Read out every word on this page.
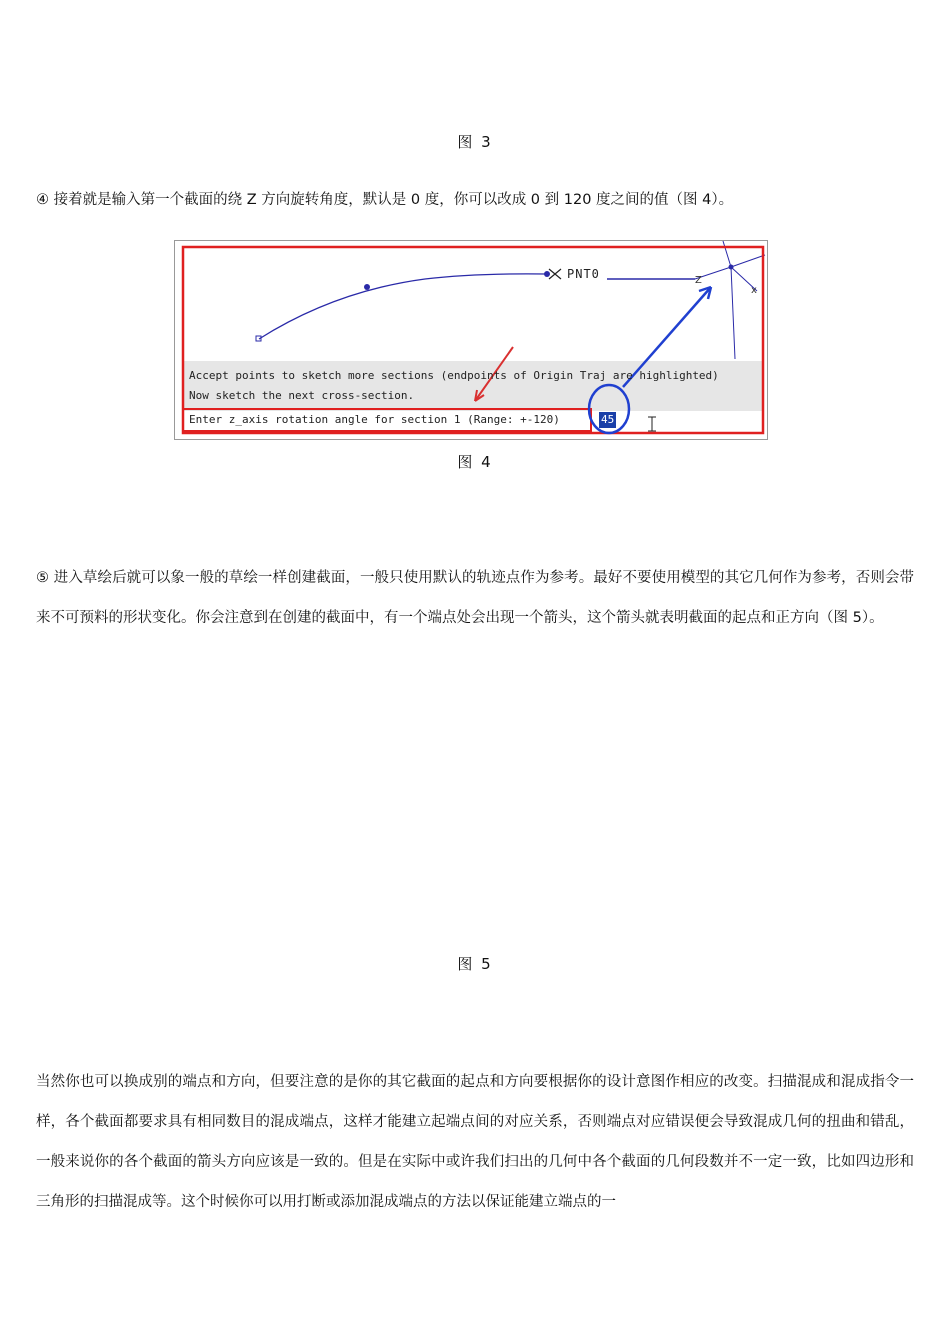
图 3
④ 接着就是输入第一个截面的绕 Z 方向旋转角度，默认是 0 度，你可以改成 0 到 120 度之间的值（图 4）。
PNT0	Z
x
Accept points to sketch more sections (endpoints of Origin Traj are highlighted)
Now sketch the next cross-section.
Enter z_axis rotation angle for section 1 (Range: +-120)	45
图 4
⑤ 进入草绘后就可以象一般的草绘一样创建截面，一般只使用默认的轨迹点作为参考。最好不要使用模型的其它几何作为参考，否则会带来不可预料的形状变化。你会注意到在创建的截面中，有一个端点处会出现一个箭头，这个箭头就表明截面的起点和正方向（图 5）。
图 5
当然你也可以换成别的端点和方向，但要注意的是你的其它截面的起点和方向要根据你的设计意图作相应的改变。扫描混成和混成指令一样，各个截面都要求具有相同数目的混成端点，这样才能建立起端点间的对应关系，否则端点对应错误便会导致混成几何的扭曲和错乱，一般来说你的各个截面的箭头方向应该是一致的。但是在实际中或许我们扫出的几何中各个截面的几何段数并不一定一致，比如四边形和三角形的扫描混成等。这个时候你可以用打断或添加混成端点的方法以保证能建立端点的一
